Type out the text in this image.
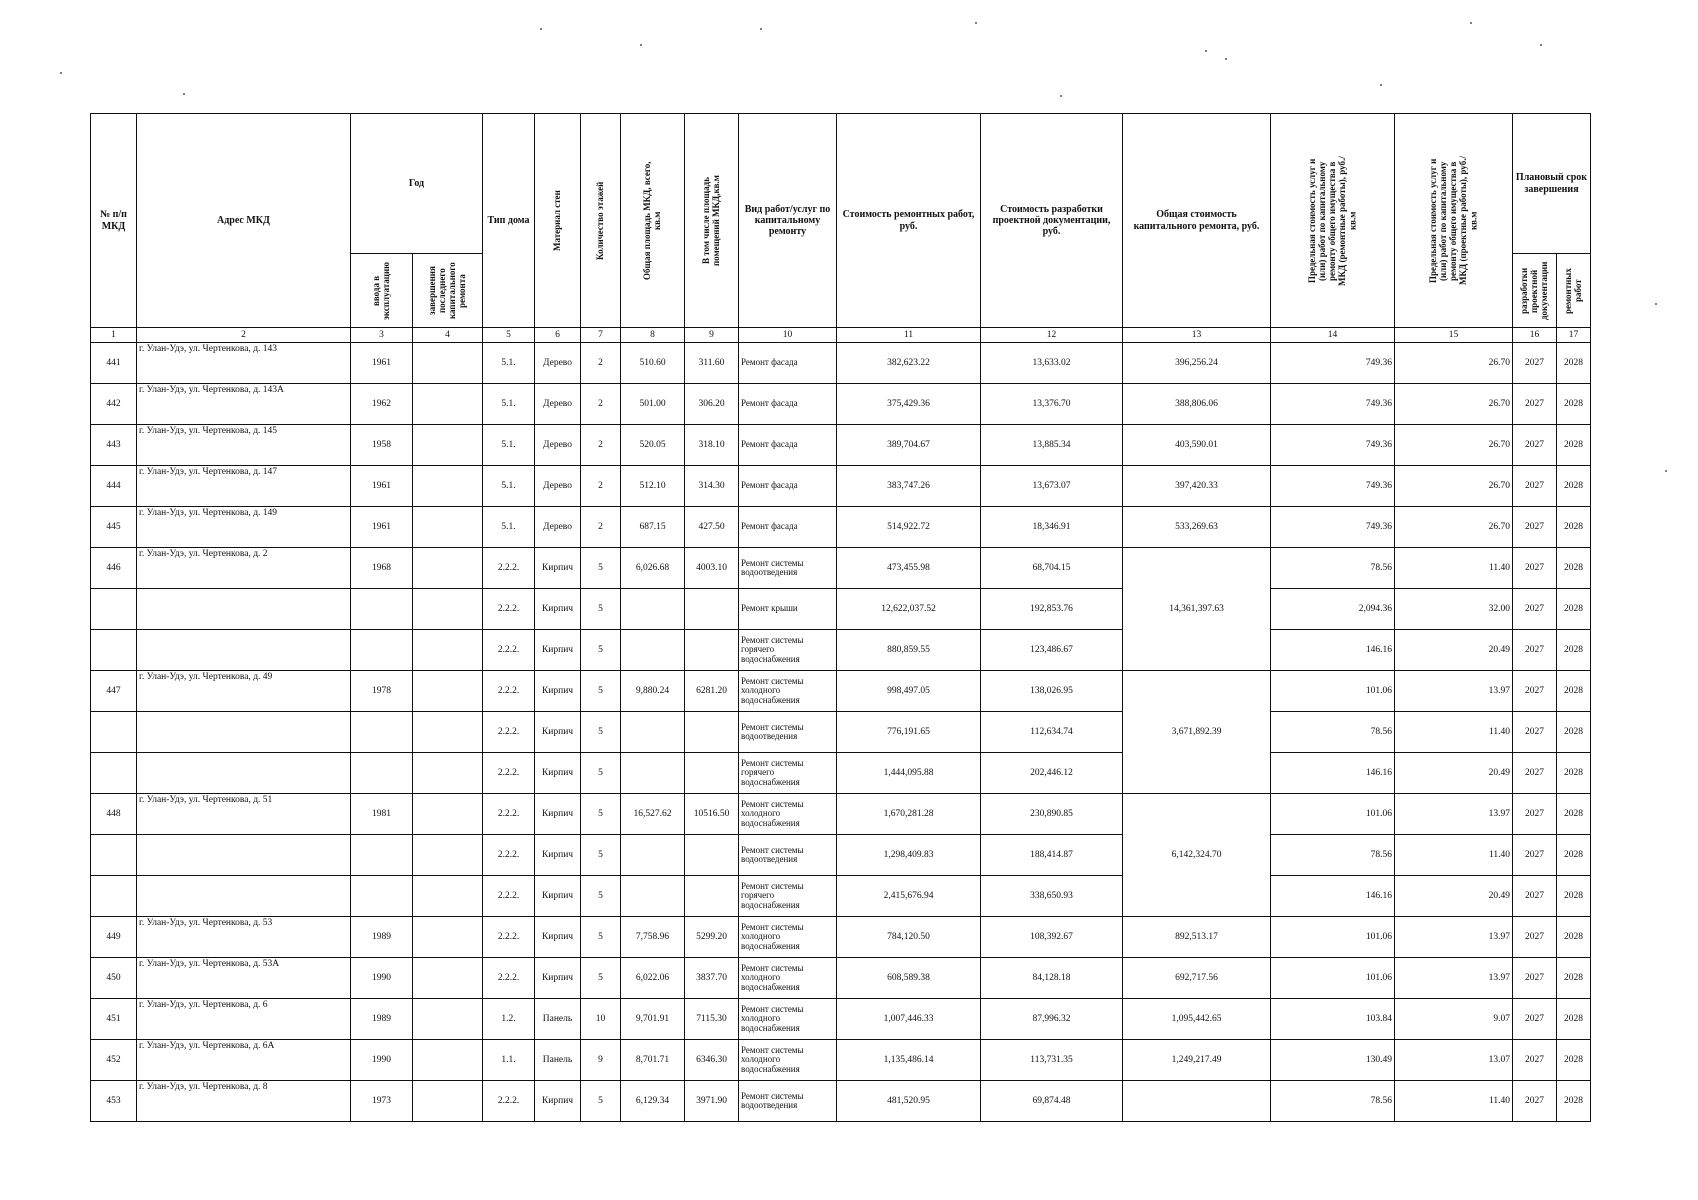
№ п/п МКД	Адрес МКД	Год		Тип дома	Материал стен	Количество этажей	Общая площадь МКД, всего, кв.м	В том числе площадь помещений МКД,кв.м	Вид работ/услуг по капитальному ремонту	Стоимость ремонтных работ, руб.	Стоимость разработки проектной документации, руб.	Общая стоимость капитального ремонта, руб.	Предельная стоимость услуг и (или) работ по капитальному ремонту общего имущества в МКД (ремонтные работы), руб./кв.м	Предельная стоимость услуг и (или) работ по капитальному ремонту общего имущества в МКД (проектные работы), руб./кв.м	Плановый срок завершения	

		ввода в эксплуатацию	завершения последнего капитального ремонта												разработки проектной документации	ремонтных работ

1	2	3	4	5	6	7	8	9	10	11	12	13	14	15	16	17
441	г. Улан-Удэ, ул. Чертенкова, д. 143	1961		5.1.	Дерево	2	510.60	311.60	Ремонт фасада	382,623.22	13,633.02	396,256.24	749.36	26.70	2027	2028
442	г. Улан-Удэ, ул. Чертенкова, д. 143А	1962		5.1.	Дерево	2	501.00	306.20	Ремонт фасада	375,429.36	13,376.70	388,806.06	749.36	26.70	2027	2028
443	г. Улан-Удэ, ул. Чертенкова, д. 145	1958		5.1.	Дерево	2	520.05	318.10	Ремонт фасада	389,704.67	13,885.34	403,590.01	749.36	26.70	2027	2028
444	г. Улан-Удэ, ул. Чертенкова, д. 147	1961		5.1.	Дерево	2	512.10	314.30	Ремонт фасада	383,747.26	13,673.07	397,420.33	749.36	26.70	2027	2028
445	г. Улан-Удэ, ул. Чертенкова, д. 149	1961		5.1.	Дерево	2	687.15	427.50	Ремонт фасада	514,922.72	18,346.91	533,269.63	749.36	26.70	2027	2028
446	г. Улан-Удэ, ул. Чертенкова, д. 2	1968		2.2.2.	Кирпич	5	6,026.68	4003.10	Ремонт системы водоотведения	473,455.98	68,704.15	14,361,397.63	78.56	11.40	2027	2028
				2.2.2.	Кирпич	5			Ремонт крыши	12,622,037.52	192,853.76		2,094.36	32.00	2027	2028
				2.2.2.	Кирпич	5			Ремонт системы горячего водоснабжения	880,859.55	123,486.67		146.16	20.49	2027	2028
447	г. Улан-Удэ, ул. Чертенкова, д. 49	1978		2.2.2.	Кирпич	5	9,880.24	6281.20	Ремонт системы холодного водоснабжения	998,497.05	138,026.95	3,671,892.39	101.06	13.97	2027	2028
				2.2.2.	Кирпич	5			Ремонт системы водоотведения	776,191.65	112,634.74		78.56	11.40	2027	2028
				2.2.2.	Кирпич	5			Ремонт системы горячего водоснабжения	1,444,095.88	202,446.12		146.16	20.49	2027	2028
448	г. Улан-Удэ, ул. Чертенкова, д. 51	1981		2.2.2.	Кирпич	5	16,527.62	10516.50	Ремонт системы холодного водоснабжения	1,670,281.28	230,890.85	6,142,324.70	101.06	13.97	2027	2028
				2.2.2.	Кирпич	5			Ремонт системы водоотведения	1,298,409.83	188,414.87		78.56	11.40	2027	2028
				2.2.2.	Кирпич	5			Ремонт системы горячего водоснабжения	2,415,676.94	338,650.93		146.16	20.49	2027	2028
449	г. Улан-Удэ, ул. Чертенкова, д. 53	1989		2.2.2.	Кирпич	5	7,758.96	5299.20	Ремонт системы холодного водоснабжения	784,120.50	108,392.67	892,513.17	101.06	13.97	2027	2028
450	г. Улан-Удэ, ул. Чертенкова, д. 53А	1990		2.2.2.	Кирпич	5	6,022.06	3837.70	Ремонт системы холодного водоснабжения	608,589.38	84,128.18	692,717.56	101.06	13.97	2027	2028
451	г. Улан-Удэ, ул. Чертенкова, д. 6	1989		1.2.	Панель	10	9,701.91	7115.30	Ремонт системы холодного водоснабжения	1,007,446.33	87,996.32	1,095,442.65	103.84	9.07	2027	2028
452	г. Улан-Удэ, ул. Чертенкова, д. 6А	1990		1.1.	Панель	9	8,701.71	6346.30	Ремонт системы холодного водоснабжения	1,135,486.14	113,731.35	1,249,217.49	130.49	13.07	2027	2028
453	г. Улан-Удэ, ул. Чертенкова, д. 8	1973		2.2.2.	Кирпич	5	6,129.34	3971.90	Ремонт системы водоотведения	481,520.95	69,874.48		78.56	11.40	2027	2028
